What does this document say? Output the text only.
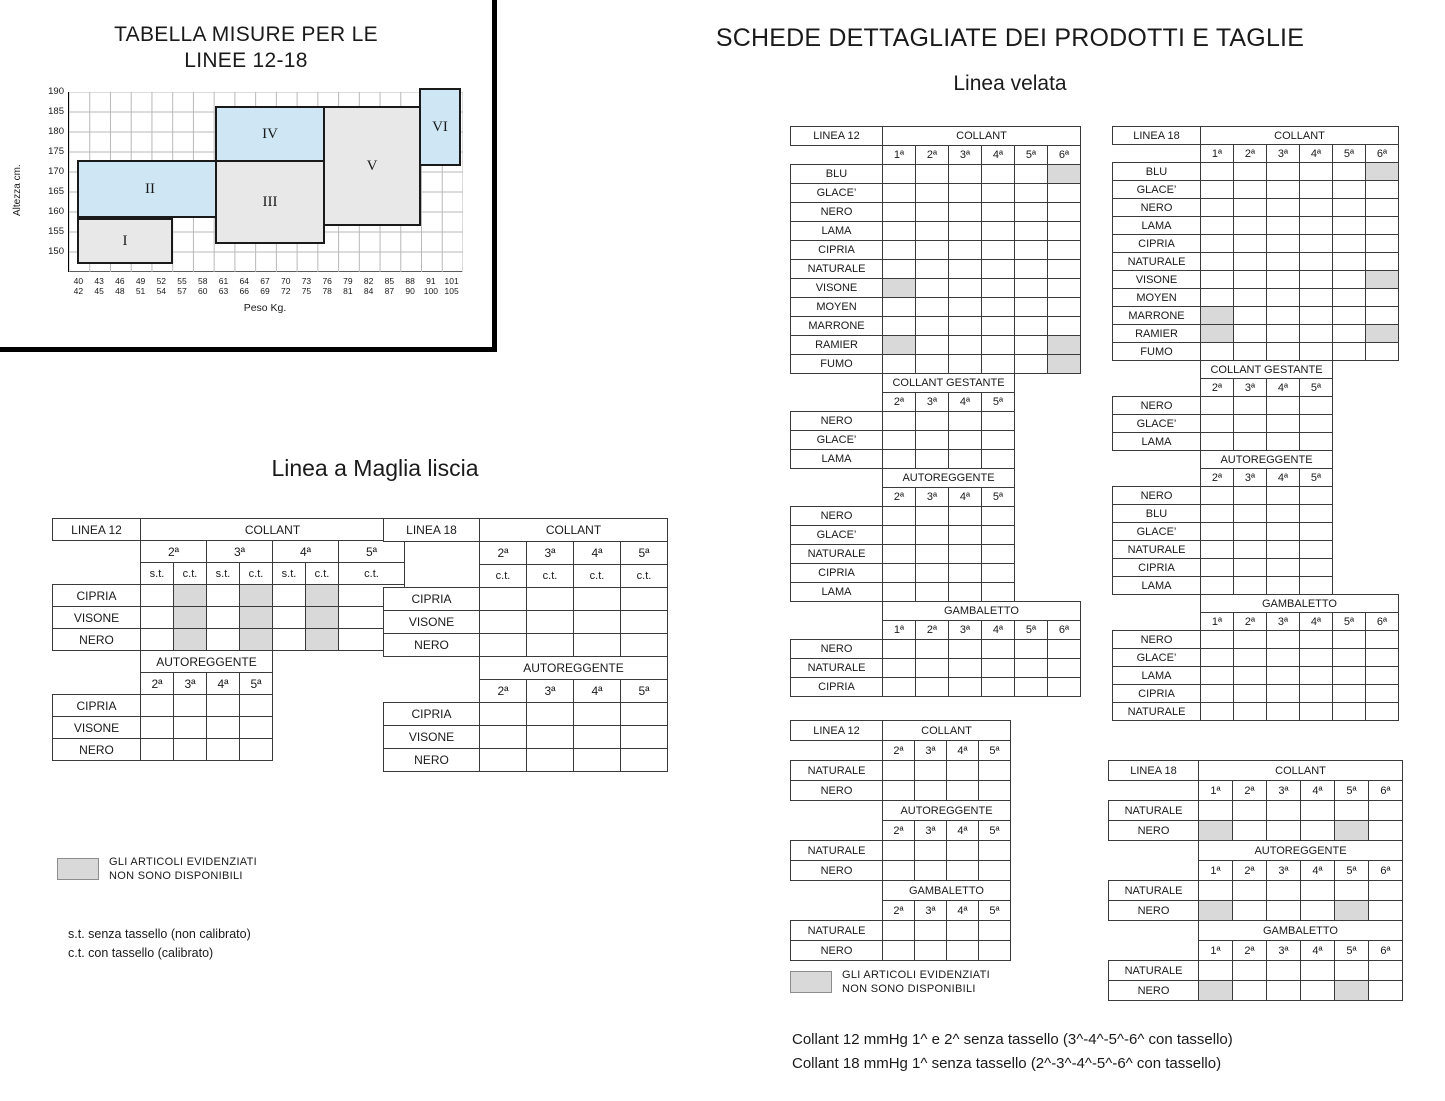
TABELLA MISURE PER LE
LINEE 12-18
Altezza cm.
190
185
180
175
170
165
160
155
150
I
II
III
IV
V
VI
40
4243
4546
4849
5152
5455
5758
6061
6364
6667
6970
7273
7576
7879
8182
8485
8788
9091
100101
105
Peso Kg.
SCHEDE DETTAGLIATE DEI PRODOTTI E TAGLIE
Linea velata
Linea a Maglia liscia
LINEA 12	COLLANT						
	2ª		3ª		4ª		5ª
	s.t.	c.t.	s.t.	c.t.	s.t.	c.t.	c.t.
CIPRIA							
VISONE							
NERO							
	AUTOREGGENTE						
	2ª	3ª	4ª	5ª			
CIPRIA							
VISONE							
NERO							
LINEA 18	COLLANT			
	2ª	3ª	4ª	5ª
	c.t.	c.t.	c.t.	c.t.
CIPRIA				
VISONE				
NERO				
	AUTOREGGENTE			
	2ª	3ª	4ª	5ª
CIPRIA				
VISONE				
NERO				
LINEA 12	COLLANT					
	1ª	2ª	3ª	4ª	5ª	6ª
BLU						
GLACE’						
NERO						
LAMA						
CIPRIA						
NATURALE						
VISONE						
MOYEN						
MARRONE						
RAMIER						
FUMO						
	COLLANT GESTANTE					
	2ª	3ª	4ª	5ª		
NERO						
GLACE’						
LAMA						
	AUTOREGGENTE					
	2ª	3ª	4ª	5ª		
NERO						
GLACE’						
NATURALE						
CIPRIA						
LAMA						
	GAMBALETTO					
	1ª	2ª	3ª	4ª	5ª	6ª
NERO						
NATURALE						
CIPRIA						
LINEA 18	COLLANT					
	1ª	2ª	3ª	4ª	5ª	6ª
BLU						
GLACE’						
NERO						
LAMA						
CIPRIA						
NATURALE						
VISONE						
MOYEN						
MARRONE						
RAMIER						
FUMO						
	COLLANT GESTANTE					
	2ª	3ª	4ª	5ª		
NERO						
GLACE’						
LAMA						
	AUTOREGGENTE					
	2ª	3ª	4ª	5ª		
NERO						
BLU						
GLACE’						
NATURALE						
CIPRIA						
LAMA						
	GAMBALETTO					
	1ª	2ª	3ª	4ª	5ª	6ª
NERO						
GLACE’						
LAMA						
CIPRIA						
NATURALE						
LINEA 12	COLLANT			
	2ª	3ª	4ª	5ª
NATURALE				
NERO				
	AUTOREGGENTE			
	2ª	3ª	4ª	5ª
NATURALE				
NERO				
	GAMBALETTO			
	2ª	3ª	4ª	5ª
NATURALE				
NERO				
LINEA 18	COLLANT					
	1ª	2ª	3ª	4ª	5ª	6ª
NATURALE						
NERO						
	AUTOREGGENTE					
	1ª	2ª	3ª	4ª	5ª	6ª
NATURALE						
NERO						
	GAMBALETTO					
	1ª	2ª	3ª	4ª	5ª	6ª
NATURALE						
NERO						
GLI ARTICOLI EVIDENZIATI
NON SONO DISPONIBILI
s.t. senza tassello (non calibrato)
c.t. con tassello (calibrato)
GLI ARTICOLI EVIDENZIATI
NON SONO DISPONIBILI
Collant 12 mmHg 1^ e 2^ senza tassello (3^-4^-5^-6^ con tassello)
Collant 18 mmHg 1^ senza tassello (2^-3^-4^-5^-6^ con tassello)
